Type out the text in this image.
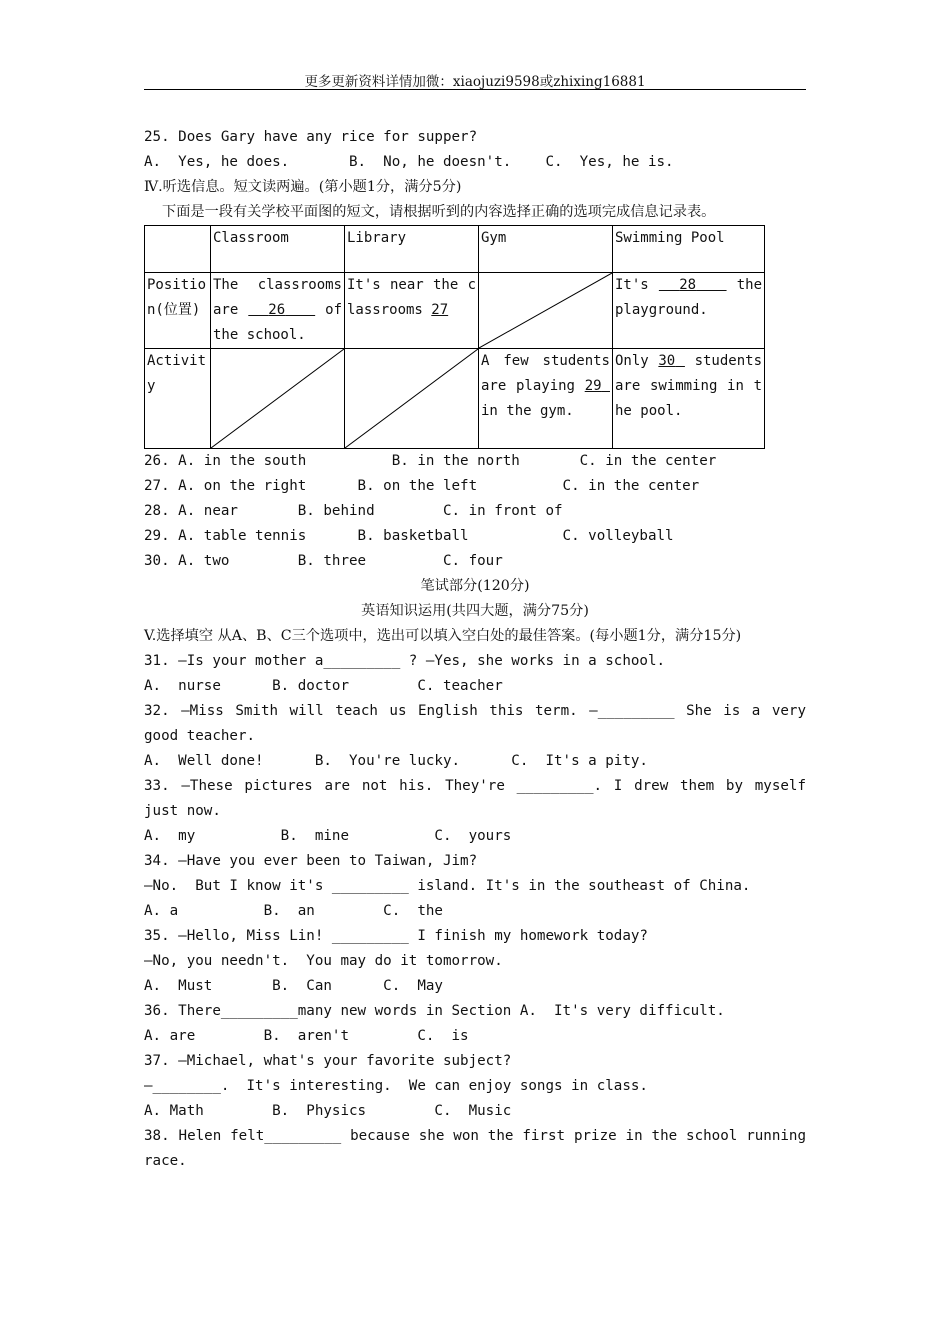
更多更新资料详情加微：xiaojuzi9598或zhixing16881
25. Does Gary have any rice for supper?
A.  Yes, he does.       B.  No, he doesn't.    C.  Yes, he is.
Ⅳ.听选信息。短文读两遍。(第小题1分，满分5分)
下面是一段有关学校平面图的短文，请根据听到的内容选择正确的选项完成信息记录表。
	Classroom	Library	Gym	Swimming Pool
Position(位置)	The classrooms are   26    of the school.	It's near the classrooms 27		It's   28    the playground.
Activity			A few students are playing 29  in the gym.	Only 30  students are swimming in the pool.
26. A. in the south          B. in the north       C. in the center
27. A. on the right      B. on the left          C. in the center
28. A. near       B. behind        C. in front of
29. A. table tennis      B. basketball           C. volleyball
30. A. two        B. three         C. four
笔试部分(120分)
英语知识运用(共四大题，满分75分)
V.选择填空 从A、B、C三个选项中，选出可以填入空白处的最佳答案。(每小题1分，满分15分)
31. —Is your mother a_________ ? —Yes, she works in a school.
A.  nurse      B. doctor        C. teacher
32. —Miss Smith will teach us English this term. —_________ She is a very good teacher.
A.  Well done!      B.  You're lucky.      C.  It's a pity.
33. —These pictures are not his. They're _________. I drew them by myself just now.
A.  my          B.  mine          C.  yours
34. —Have you ever been to Taiwan, Jim?
—No.  But I know it's _________ island. It's in the southeast of China.
A. a          B.  an        C.  the
35. —Hello, Miss Lin! _________ I finish my homework today?
—No, you needn't.  You may do it tomorrow.
A.  Must       B.  Can      C.  May
36. There_________many new words in Section A.  It's very difficult.
A. are        B.  aren't        C.  is
37. —Michael, what's your favorite subject?
—________.  It's interesting.  We can enjoy songs in class.
A. Math        B.  Physics        C.  Music
38. Helen felt_________ because she won the first prize in the school running race.
